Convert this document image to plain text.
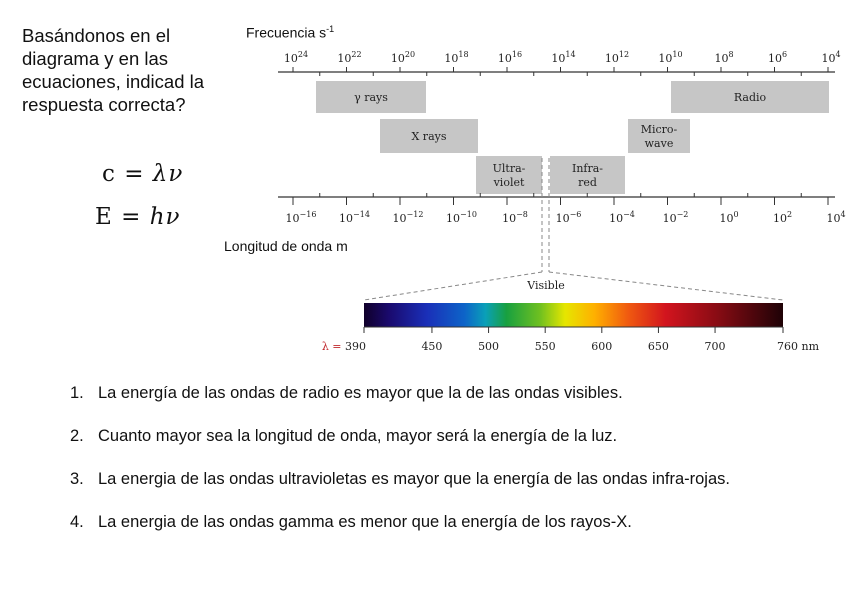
Basándonos en el diagrama y en las ecuaciones, indicad la respuesta correcta?

c = λν
E = hν
Frecuencia $s^{-1}$
Longitud de onda m
$10^{24}$	$10^{22}$	$10^{20}$	$10^{18}$	$10^{16}$	$10^{14}$	$10^{12}$	$10^{10}$	$10^8$	$10^6$	$10^4$
γ rays
X rays
Ultra-
violet
Infra-
red
Micro-
wave
Radio
$10^{-16}$ $10^{-14}$ $10^{-12}$ $10^{-10}$ $10^{-8}$	$10^{-6}$	$10^{-4}$	$10^{-2}$	$10^0$	$10^2$	$10^4$
Visible
λ = 390	450	500	550	600	650	700	760 nm
1. La energía de las ondas de radio es mayor que la de las ondas visibles.
2. Cuanto mayor sea la longitud de onda, mayor será la energía de la luz.
3. La energia de las ondas ultravioletas es mayor que la energía de las ondas infra-rojas.
4. La energia de las ondas gamma es menor que la energía de los rayos-X.
